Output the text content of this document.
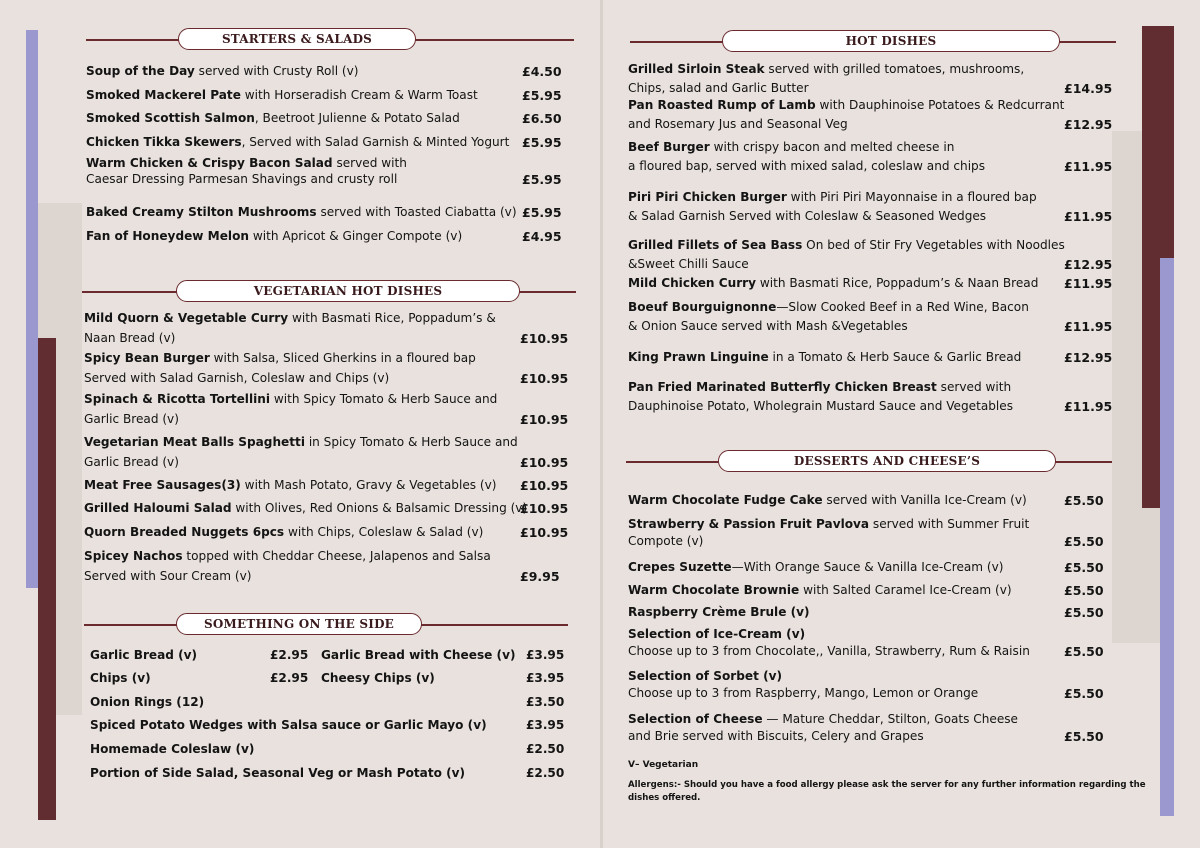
STARTERS & SALADS
Soup of the Day served with Crusty Roll (v)	£4.50
Smoked Mackerel Pate with Horseradish Cream & Warm Toast	£5.95
Smoked Scottish Salmon, Beetroot Julienne & Potato Salad	£6.50
Chicken Tikka Skewers, Served with Salad Garnish & Minted Yogurt £5.95
Warm Chicken & Crispy Bacon Salad served with
Caesar Dressing Parmesan Shavings and crusty roll	£5.95
Baked Creamy Stilton Mushrooms served with Toasted Ciabatta (v) £5.95
Fan of Honeydew Melon with Apricot & Ginger Compote (v)	£4.95
VEGETARIAN HOT DISHES
Mild Quorn & Vegetable Curry with Basmati Rice, Poppadum’s &
Naan Bread (v)	£10.95
Spicy Bean Burger with Salsa, Sliced Gherkins in a floured bap
Served with Salad Garnish, Coleslaw and Chips (v)	£10.95
Spinach & Ricotta Tortellini with Spicy Tomato & Herb Sauce and
Garlic Bread (v)	£10.95
Vegetarian Meat Balls Spaghetti in Spicy Tomato & Herb Sauce and
Garlic Bread (v)	£10.95
Meat Free Sausages(3) with Mash Potato, Gravy & Vegetables (v) £10.95
Grilled Haloumi Salad with Olives, Red Onions & Balsamic Dressing (v)
£10.95
Quorn Breaded Nuggets 6pcs with Chips, Coleslaw & Salad (v)	£10.95
Spicey Nachos topped with Cheddar Cheese, Jalapenos and Salsa
Served with Sour Cream (v)	£9.95
SOMETHING ON THE SIDE
Garlic Bread (v)	£2.95 Garlic Bread with Cheese (v) £3.95
Chips (v)	£2.95 Cheesy Chips (v)	£3.95
Onion Rings (12)	£3.50
Spiced Potato Wedges with Salsa sauce or Garlic Mayo (v)	£3.95
Homemade Coleslaw (v)	£2.50
Portion of Side Salad, Seasonal Veg or Mash Potato (v)	£2.50
HOT DISHES
Grilled Sirloin Steak served with grilled tomatoes, mushrooms,
Chips, salad and Garlic Butter	£14.95
Pan Roasted Rump of Lamb with Dauphinoise Potatoes & Redcurrant
and Rosemary Jus and Seasonal Veg	£12.95
Beef Burger with crispy bacon and melted cheese in
a floured bap, served with mixed salad, coleslaw and chips	£11.95
Piri Piri Chicken Burger with Piri Piri Mayonnaise in a floured bap
& Salad Garnish Served with Coleslaw & Seasoned Wedges	£11.95
Grilled Fillets of Sea Bass On bed of Stir Fry Vegetables with Noodles
&Sweet Chilli Sauce	£12.95
Mild Chicken Curry with Basmati Rice, Poppadum’s & Naan Bread £11.95
Boeuf Bourguignonne—Slow Cooked Beef in a Red Wine, Bacon
& Onion Sauce served with Mash &Vegetables	£11.95
King Prawn Linguine in a Tomato & Herb Sauce & Garlic Bread	£12.95
Pan Fried Marinated Butterfly Chicken Breast served with
Dauphinoise Potato, Wholegrain Mustard Sauce and Vegetables	£11.95
DESSERTS AND CHEESE’S
Warm Chocolate Fudge Cake served with Vanilla Ice-Cream (v)	£5.50
Strawberry & Passion Fruit Pavlova served with Summer Fruit
Compote (v)	£5.50
Crepes Suzette—With Orange Sauce & Vanilla Ice-Cream (v)	£5.50
Warm Chocolate Brownie with Salted Caramel Ice-Cream (v)	£5.50
Raspberry Crème Brule (v)	£5.50
Selection of Ice-Cream (v)
Choose up to 3 from Chocolate,, Vanilla, Strawberry, Rum & Raisin	£5.50
Selection of Sorbet (v)
Choose up to 3 from Raspberry, Mango, Lemon or Orange	£5.50
Selection of Cheese — Mature Cheddar, Stilton, Goats Cheese
and Brie served with Biscuits, Celery and Grapes	£5.50
V– Vegetarian
Allergens:- Should you have a food allergy please ask the server for any further information regarding the
dishes offered.
